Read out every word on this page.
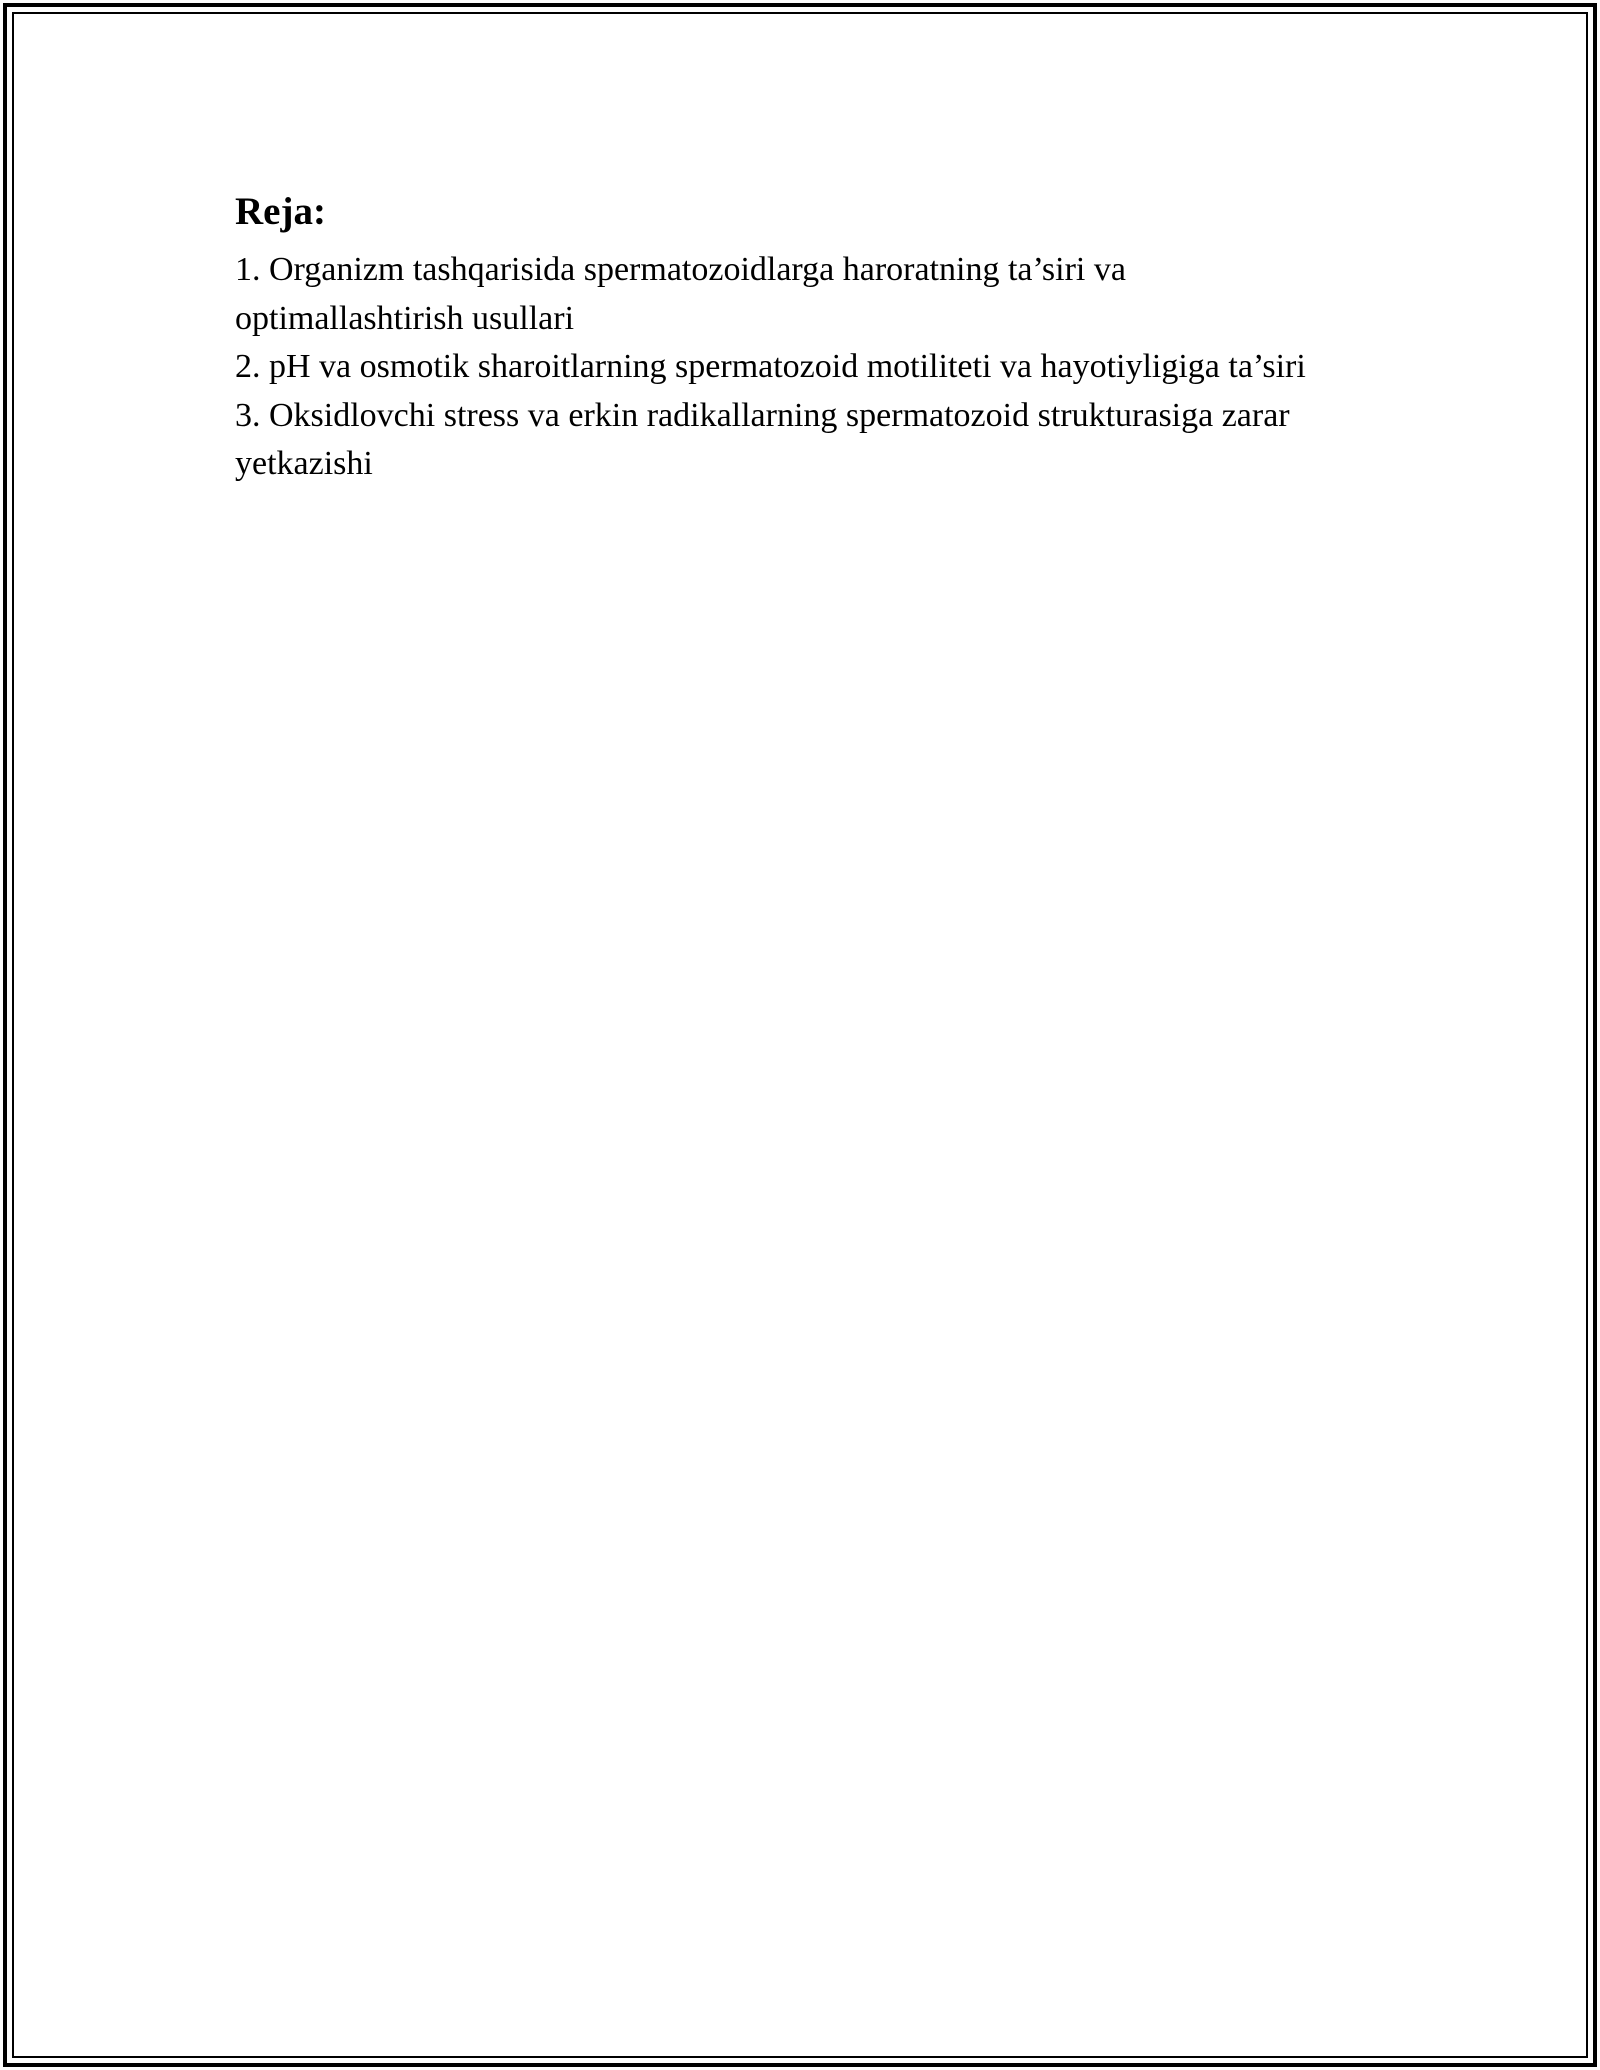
Reja:
1. Organizm tashqarisida spermatozoidlarga haroratning ta’siri va optimallashtirish usullari
2. pH va osmotik sharoitlarning spermatozoid motiliteti va hayotiyligiga ta’siri
3. Oksidlovchi stress va erkin radikallarning spermatozoid strukturasiga zarar yetkazishi
